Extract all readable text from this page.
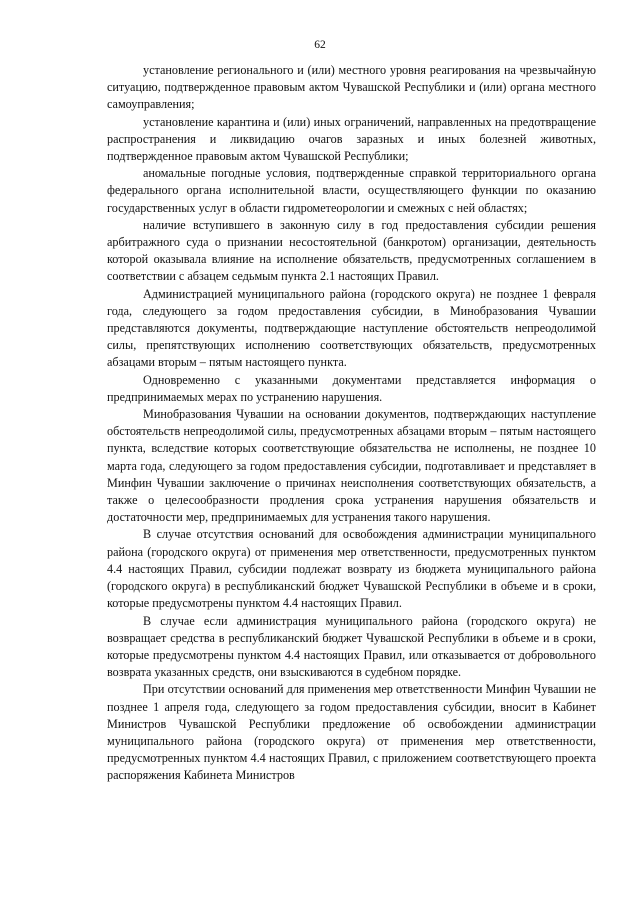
62

установление регионального и (или) местного уровня реагирования на чрезвычайную ситуацию, подтвержденное правовым актом Чувашской Республики и (или) органа местного самоуправления;

установление карантина и (или) иных ограничений, направленных на предотвращение распространения и ликвидацию очагов заразных и иных болезней животных, подтвержденное правовым актом Чувашской Республики;

аномальные погодные условия, подтвержденные справкой территориального органа федерального органа исполнительной власти, осуществляющего функции по оказанию государственных услуг в области гидрометеорологии и смежных с ней областях;

наличие вступившего в законную силу в год предоставления субсидии решения арбитражного суда о признании несостоятельной (банкротом) организации, деятельность которой оказывала влияние на исполнение обязательств, предусмотренных соглашением в соответствии с абзацем седьмым пункта 2.1 настоящих Правил.

Администрацией муниципального района (городского округа) не позднее 1 февраля года, следующего за годом предоставления субсидии, в Минобразования Чувашии представляются документы, подтверждающие наступление обстоятельств непреодолимой силы, препятствующих исполнению соответствующих обязательств, предусмотренных абзацами вторым – пятым настоящего пункта.

Одновременно с указанными документами представляется информация о предпринимаемых мерах по устранению нарушения.

Минобразования Чувашии на основании документов, подтверждающих наступление обстоятельств непреодолимой силы, предусмотренных абзацами вторым – пятым настоящего пункта, вследствие которых соответствующие обязательства не исполнены, не позднее 10 марта года, следующего за годом предоставления субсидии, подготавливает и представляет в Минфин Чувашии заключение о причинах неисполнения соответствующих обязательств, а также о целесообразности продления срока устранения нарушения обязательств и достаточности мер, предпринимаемых для устранения такого нарушения.

В случае отсутствия оснований для освобождения администрации муниципального района (городского округа) от применения мер ответственности, предусмотренных пунктом 4.4 настоящих Правил, субсидии подлежат возврату из бюджета муниципального района (городского округа) в республиканский бюджет Чувашской Республики в объеме и в сроки, которые предусмотрены пунктом 4.4 настоящих Правил.

В случае если администрация муниципального района (городского округа) не возвращает средства в республиканский бюджет Чувашской Республики в объеме и в сроки, которые предусмотрены пунктом 4.4 настоящих Правил, или отказывается от добровольного возврата указанных средств, они взыскиваются в судебном порядке.

При отсутствии оснований для применения мер ответственности Минфин Чувашии не позднее 1 апреля года, следующего за годом предоставления субсидии, вносит в Кабинет Министров Чувашской Республики предложение об освобождении администрации муниципального района (городского округа) от применения мер ответственности, предусмотренных пунктом 4.4 настоящих Правил, с приложением соответствующего проекта распоряжения Кабинета Министров
